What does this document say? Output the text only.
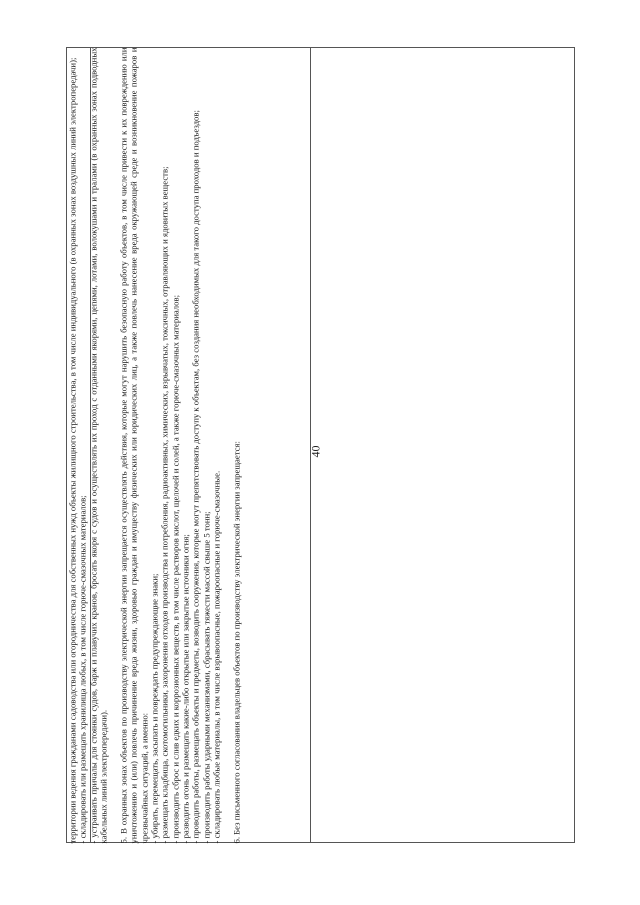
территории ведения гражданами садоводства или огородничества для собственных нужд объекты жилищного строительства, в том числе индивидуального (в охранных зонах воздушных линий электропередачи); - складировать или размещать хранилища любых, в том числе горюче-смазочных материалов; - устраивать причалы для стоянки судов, барж и плавучих кранов, бросать якоря с судов и осуществлять их проход с отданными якорями, цепями, лотами, волокушами и тралами (в охранных зонах подводных кабельных линий электропередачи). 5. В охранных зонах объектов по производству электрической энергии запрещается осуществлять действия, которые могут нарушить безопасную работу объектов, в том числе привести к их повреждению или уничтожению и (или) повлечь причинение вреда жизни, здоровью граждан и имуществу физических или юридических лиц, а также повлечь нанесение вреда окружающей среде и возникновение пожаров и чрезвычайных ситуаций, а именно: - убирать, перемещать, засыпать и повреждать предупреждающие знаки; - размещать кладбища, скотомогильники, захоронения отходов производства и потребления, радиоактивных, химических, взрывчатых, токсичных, отравляющих и ядовитых веществ; - производить сброс и слив едких и коррозионных веществ, в том числе растворов кислот, щелочей и солей, а также горюче-смазочных материалов; - разводить огонь и размещать какие-либо открытые или закрытые источники огня; - проводить работы, размещать объекты и предметы, возводить сооружения, которые могут препятствовать доступу к объектам, без создания необходимых для такого доступа проходов и подъездов; - производить работы ударными механизмами, сбрасывать тяжести массой свыше 5 тонн; - складировать любые материалы, в том числе взрывоопасные, пожароопасные и горюче-смазочные. 6. Без письменного согласования владельцев объектов по производству электрической энергии запрещается:	40
